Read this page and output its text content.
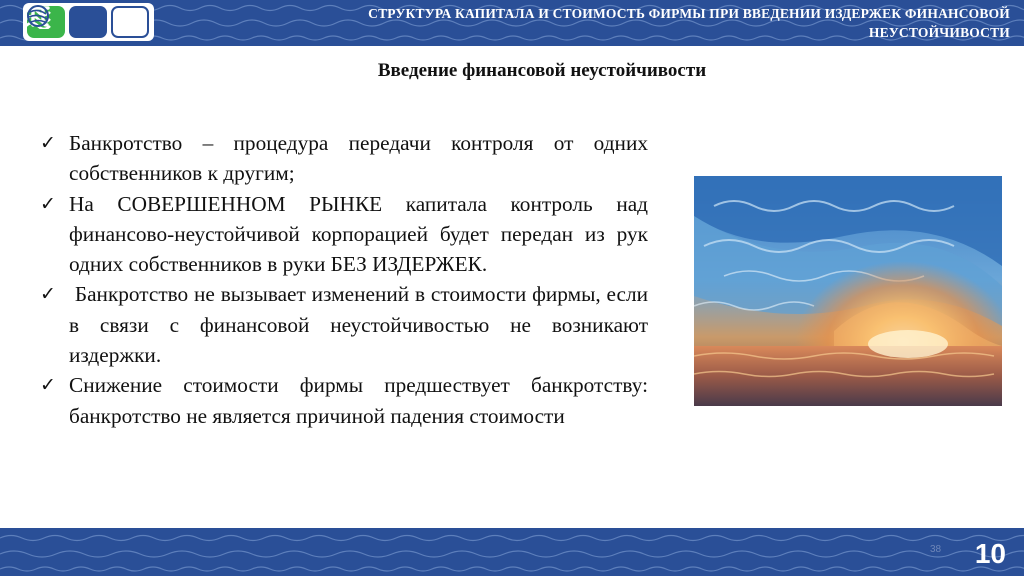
СТРУКТУРА КАПИТАЛА И СТОИМОСТЬ ФИРМЫ ПРИ ВВЕДЕНИИ ИЗДЕРЖЕК ФИНАНСОВОЙ
НЕУСТОЙЧИВОСТИ
Введение финансовой неустойчивости
✓ Банкротство – процедура передачи контроля от одних собственников к другим;
✓ На СОВЕРШЕННОМ РЫНКЕ капитала контроль над финансово-неустойчивой корпорацией будет передан из рук одних собственников в руки БЕЗ ИЗДЕРЖЕК.
✓ Банкротство не вызывает изменений в стоимости фирмы, если в связи с финансовой неустойчивостью не возникают издержки.
✓ Снижение стоимости фирмы предшествует банкротству: банкротство не является причиной падения стоимости
38 10
